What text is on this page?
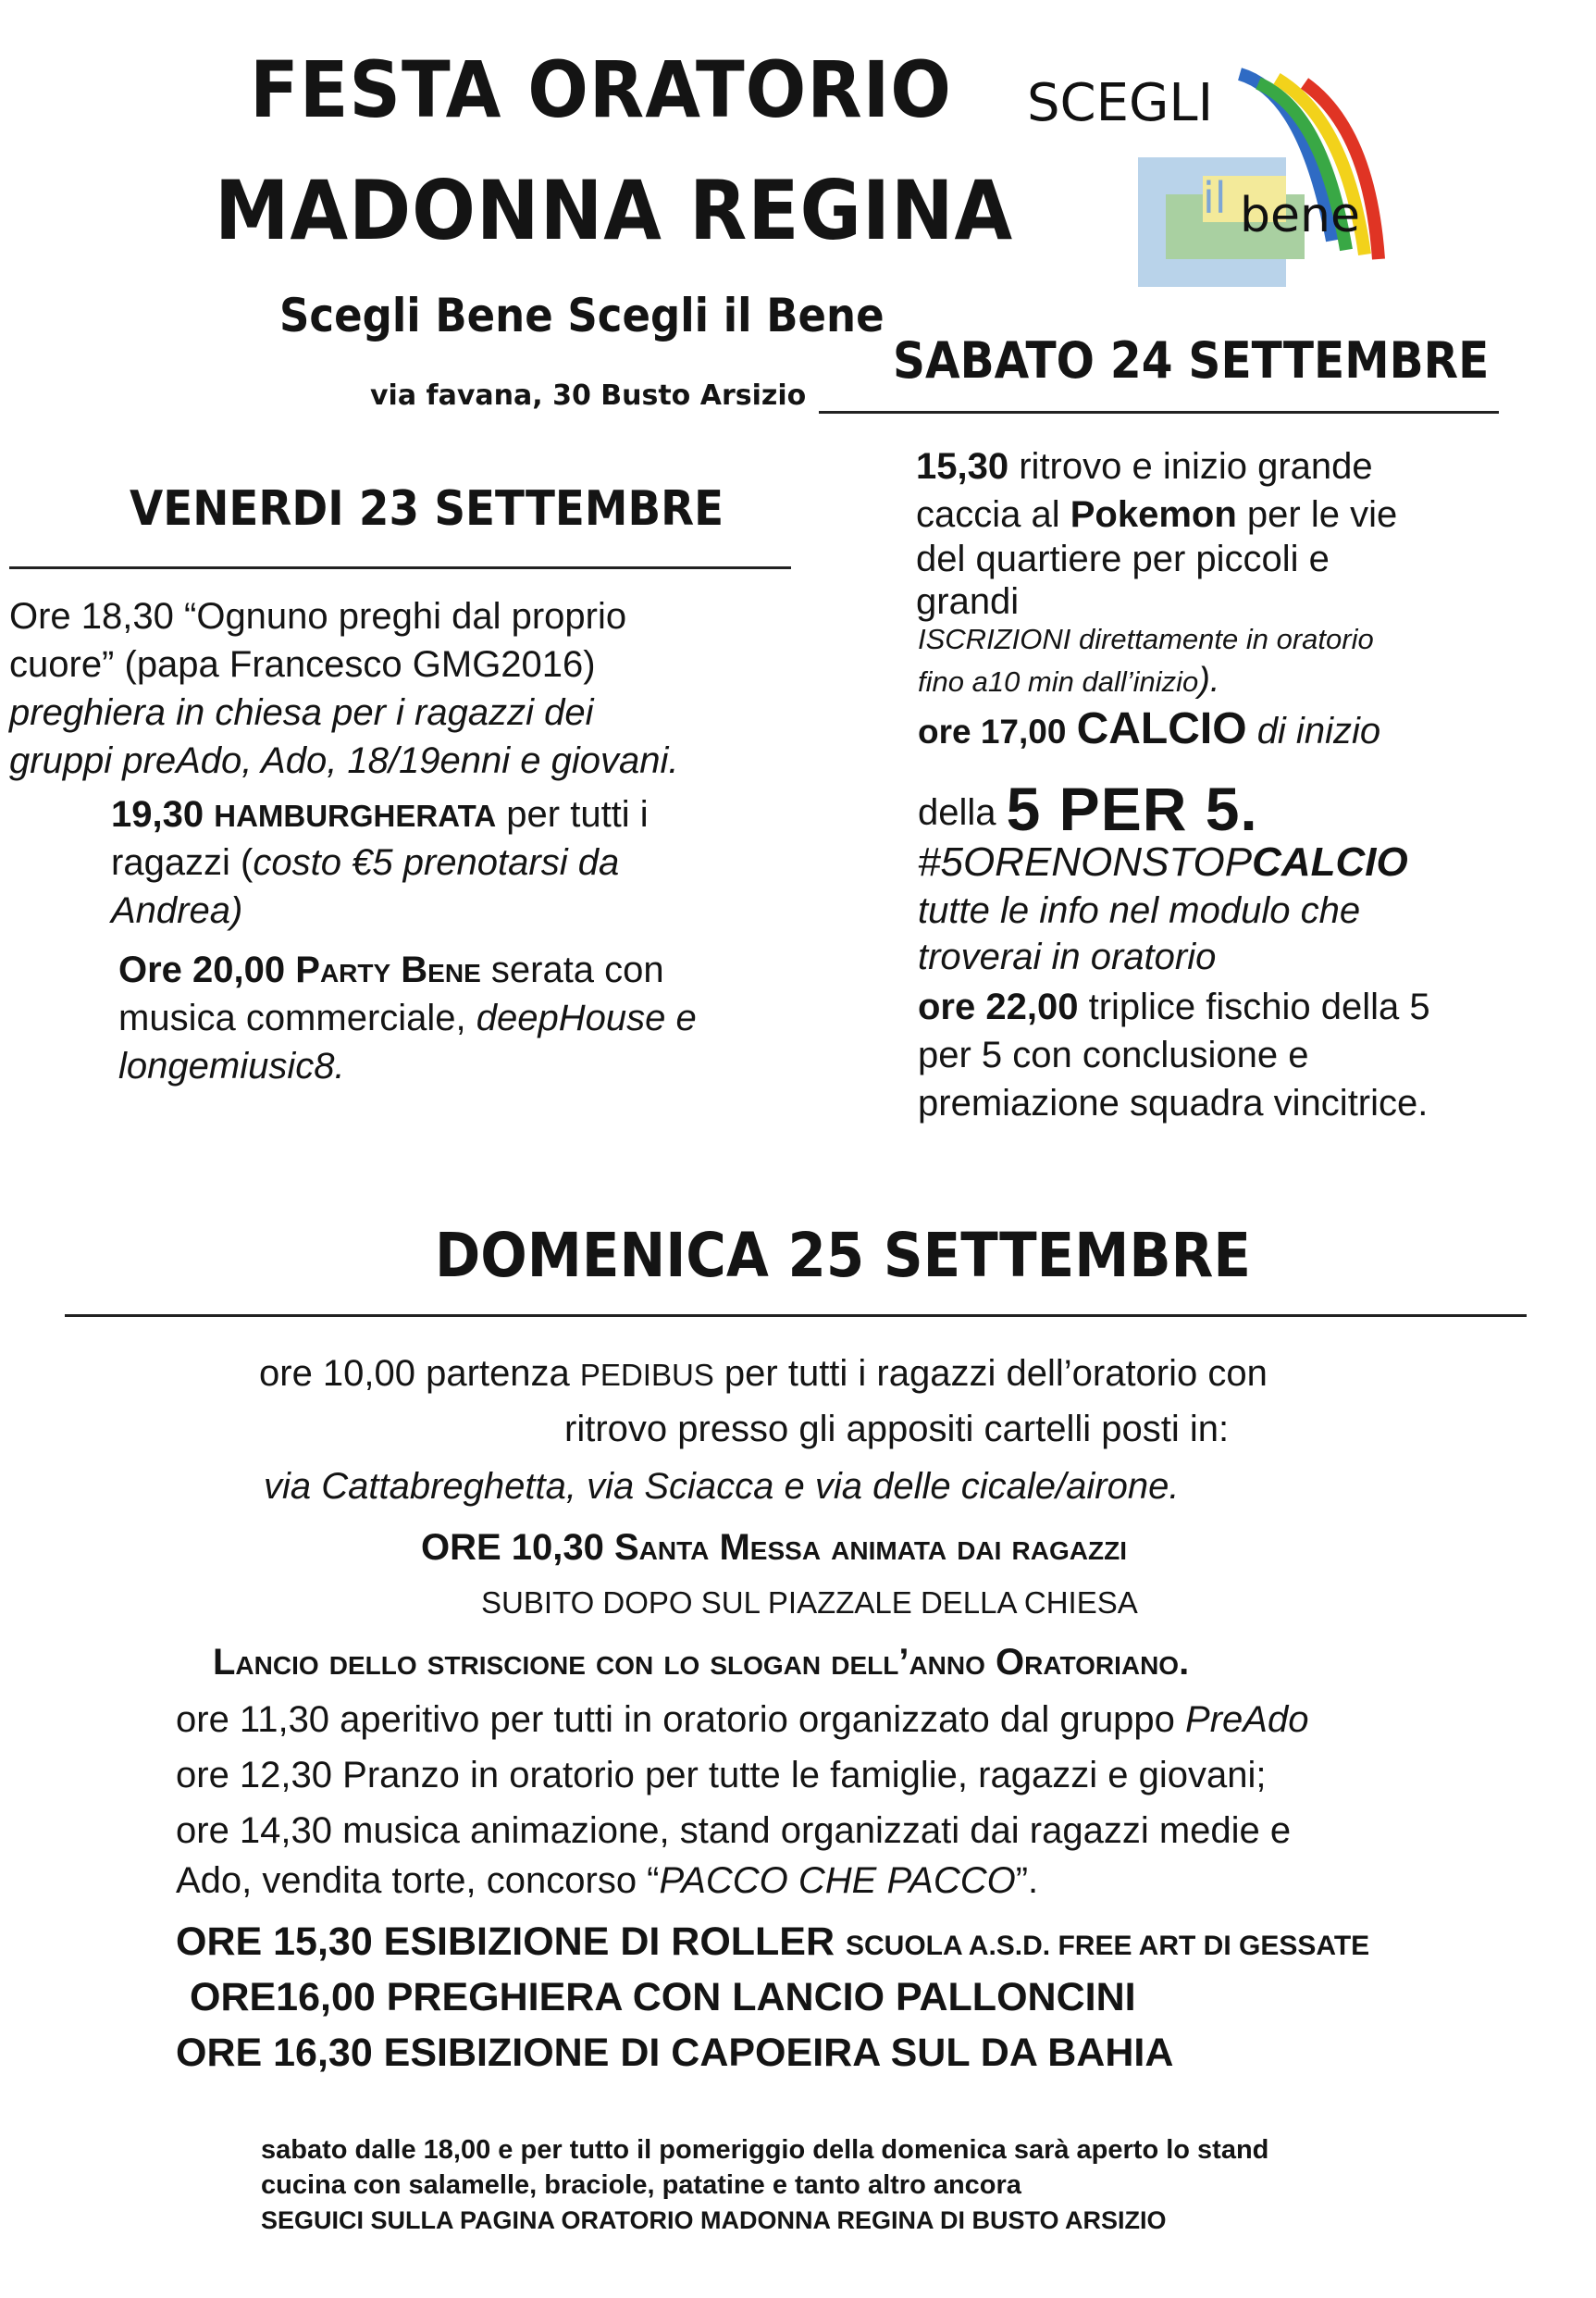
FESTA ORATORIO
MADONNA REGINA
Scegli Bene Scegli il Bene
via favana, 30 Busto Arsizio
SCEGLI
il bene
VENERDI 23 SETTEMBRE
Ore 18,30 “Ognuno preghi dal proprio
cuore” (papa Francesco GMG2016)
preghiera in chiesa per i ragazzi dei
gruppi preAdo, Ado, 18/19enni e giovani.
19,30 HAMBURGHERATA per tutti i
ragazzi (costo €5 prenotarsi da
Andrea)
Ore 20,00 Party Bene serata con
musica commerciale, deepHouse e
longemiusic8.
SABATO 24 SETTEMBRE
15,30 ritrovo e inizio grande
caccia al Pokemon per le vie
del quartiere per piccoli e
grandi
ISCRIZIONI direttamente in oratorio
fino a10 min dall’inizio).
ore 17,00 CALCIO di inizio
della 5 PER 5.
#5ORENONSTOPCALCIO
tutte le info nel modulo che
troverai in oratorio
ore 22,00 triplice fischio della 5
per 5 con conclusione e
premiazione squadra vincitrice.
DOMENICA 25 SETTEMBRE
ore 10,00 partenza PEDIBUS per tutti i ragazzi dell’oratorio con
ritrovo presso gli appositi cartelli posti in:
via Cattabreghetta, via Sciacca e via delle cicale/airone.
ORE 10,30 Santa Messa animata dai ragazzi
SUBITO DOPO SUL PIAZZALE DELLA CHIESA
Lancio dello striscione con lo slogan dell’anno Oratoriano.
ore 11,30 aperitivo per tutti in oratorio organizzato dal gruppo PreAdo
ore 12,30 Pranzo in oratorio per tutte le famiglie, ragazzi e giovani;
ore 14,30 musica animazione, stand organizzati dai ragazzi medie e
Ado, vendita torte, concorso “PACCO CHE PACCO”.
ORE 15,30 ESIBIZIONE DI ROLLER SCUOLA A.S.D. FREE ART DI GESSATE
ORE16,00 PREGHIERA CON LANCIO PALLONCINI
ORE 16,30 ESIBIZIONE DI CAPOEIRA SUL DA BAHIA
sabato dalle 18,00 e per tutto il pomeriggio della domenica sarà aperto lo stand
cucina con salamelle, braciole, patatine e tanto altro ancora
SEGUICI SULLA PAGINA ORATORIO MADONNA REGINA DI BUSTO ARSIZIO
